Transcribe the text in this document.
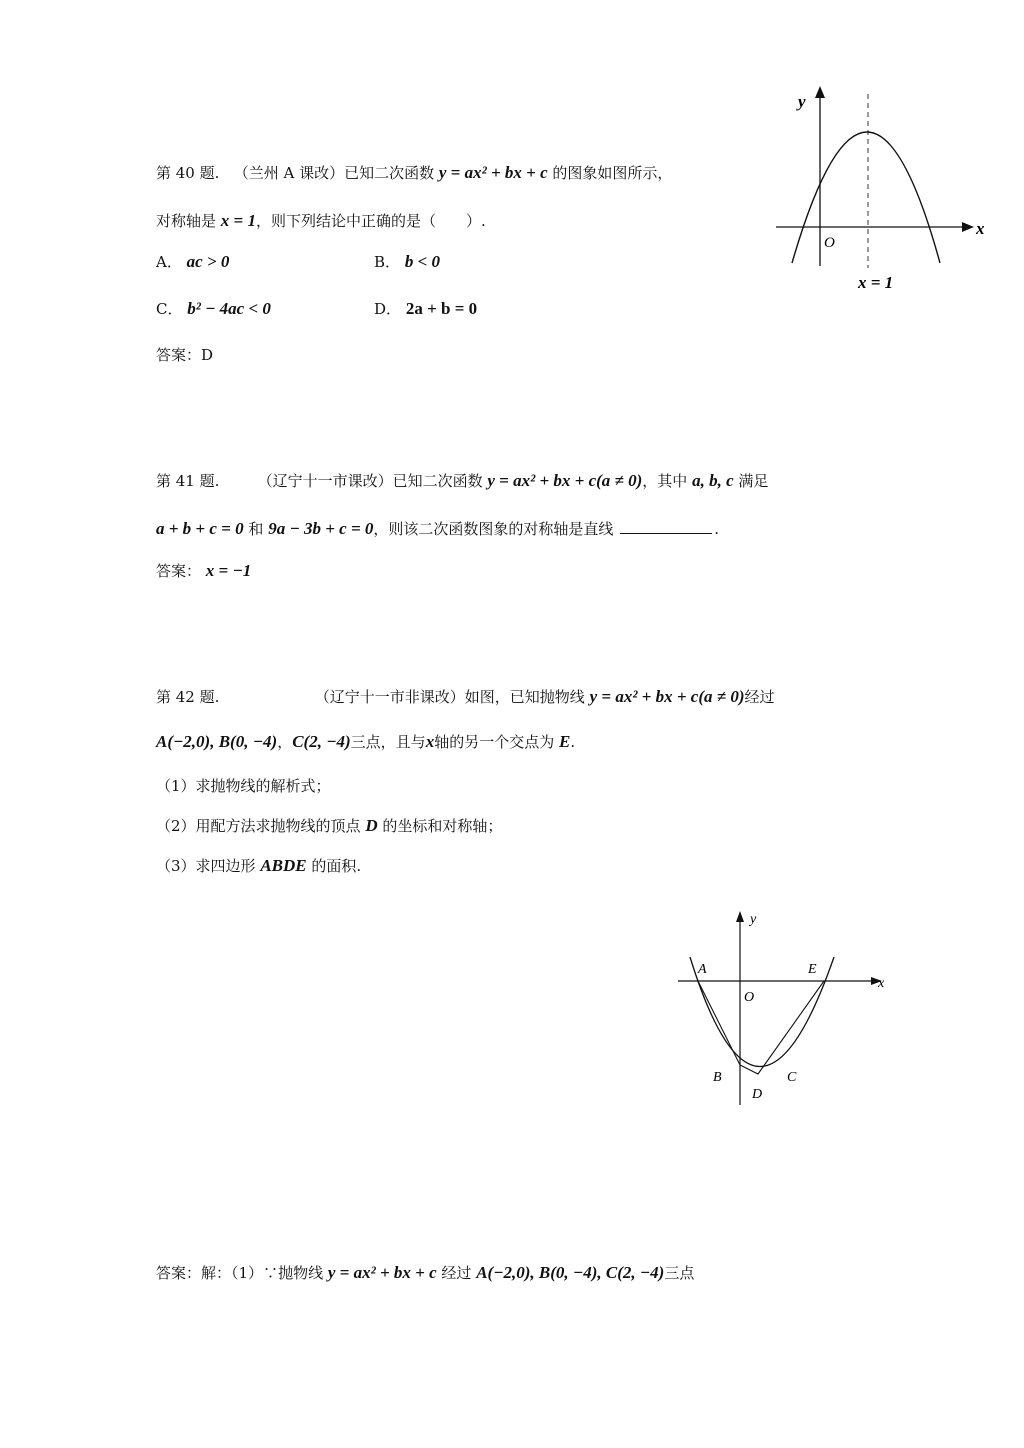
第 40 题. （兰州 A 课改）已知二次函数 y = ax² + bx + c 的图象如图所示，
对称轴是 x = 1，则下列结论中正确的是（　　）.
A． ac > 0	B． b < 0
C． b² − 4ac < 0	D． 2a + b = 0
答案：D
y
x
O
x = 1
第 41 题.	（辽宁十一市课改）已知二次函数 y = ax² + bx + c(a ≠ 0)，其中 a, b, c 满足
a + b + c = 0 和 9a − 3b + c = 0，则该二次函数图象的对称轴是直线	.
答案： x = −1
第 42 题.	（辽宁十一市非课改）如图，已知抛物线 y = ax² + bx + c(a ≠ 0)经过
A(−2,0), B(0, −4)，C(2, −4)三点，且与x轴的另一个交点为 E.
（1）求抛物线的解析式；
（2）用配方法求抛物线的顶点 D 的坐标和对称轴；
（3）求四边形 ABDE 的面积.
y
x
O
A	E
B	C
D
答案：解：（1）∵抛物线 y = ax² + bx + c 经过 A(−2,0), B(0, −4), C(2, −4)三点
